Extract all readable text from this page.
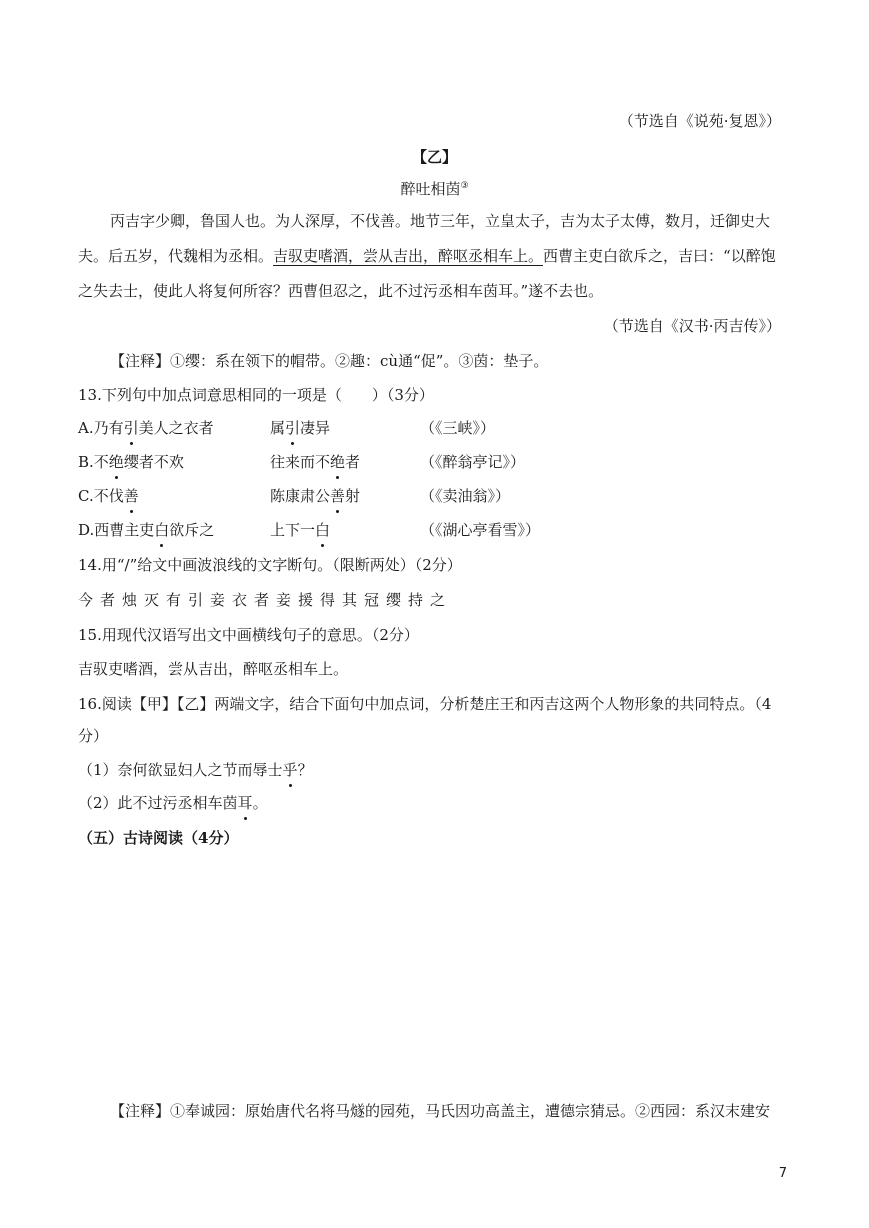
（节选自《说苑·复恩》）
【乙】
醉吐相茵③
丙吉字少卿，鲁国人也。为人深厚，不伐善。地节三年，立皇太子，吉为太子太傅，数月，迁御史大
夫。后五岁，代魏相为丞相。吉驭吏嗜酒，尝从吉出，醉呕丞相车上。西曹主吏白欲斥之，吉曰：“以醉饱
之失去士，使此人将复何所容？西曹但忍之，此不过污丞相车茵耳。”遂不去也。
（节选自《汉书·丙吉传》）
【注释】①缨：系在领下的帽带。②趣：cù通“促”。③茵：垫子。
13.下列句中加点词意思相同的一项是（　　）（3分）
A.乃有引美人之衣者	属引凄异	（《三峡》）
B.不绝缨者不欢	往来而不绝者	（《醉翁亭记》）
C.不伐善	陈康肃公善射	（《卖油翁》）
D.西曹主吏白欲斥之	上下一白	（《湖心亭看雪》）
14.用“/”给文中画波浪线的文字断句。（限断两处）（2分）
今者烛灭有引妾衣者妾援得其冠缨持之
15.用现代汉语写出文中画横线句子的意思。（2分）
吉驭吏嗜酒，尝从吉出，醉呕丞相车上。
16.阅读【甲】【乙】两端文字，结合下面句中加点词，分析楚庄王和丙吉这两个人物形象的共同特点。（4
分）
（1）奈何欲显妇人之节而辱士乎？
（2）此不过污丞相车茵耳。
（五）古诗阅读（4分）
【注释】①奉诚园：原始唐代名将马燧的园苑，马氏因功高盖主，遭德宗猜忌。②西园：系汉末建安
7
